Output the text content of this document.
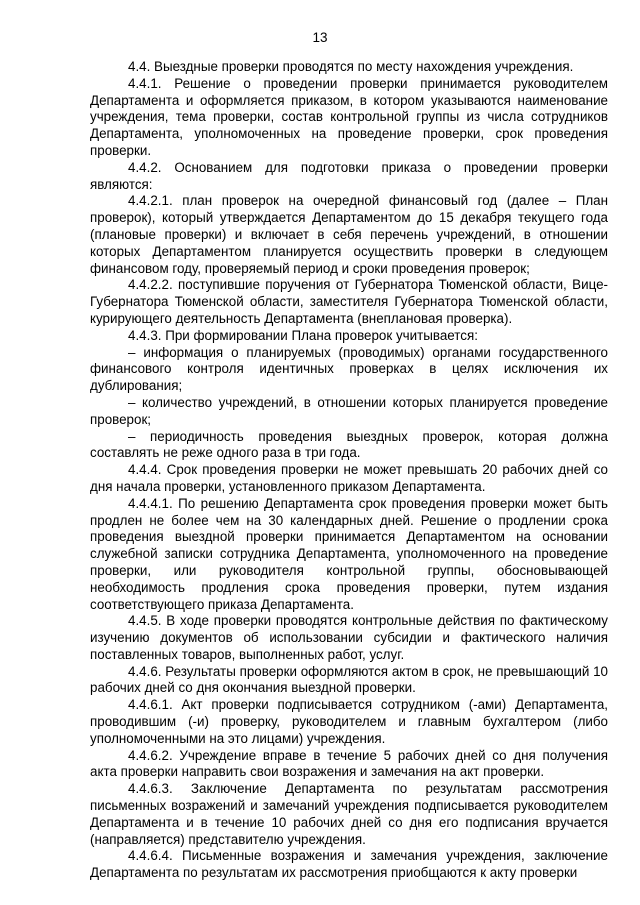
13

4.4. Выездные проверки проводятся по месту нахождения учреждения.

4.4.1. Решение о проведении проверки принимается руководителем Департамента и оформляется приказом, в котором указываются наименование учреждения, тема проверки, состав контрольной группы из числа сотрудников Департамента, уполномоченных на проведение проверки, срок проведения проверки.

4.4.2. Основанием для подготовки приказа о проведении проверки являются:

4.4.2.1. план проверок на очередной финансовый год (далее – План проверок), который утверждается Департаментом до 15 декабря текущего года (плановые проверки) и включает в себя перечень учреждений, в отношении которых Департаментом планируется осуществить проверки в следующем финансовом году, проверяемый период и сроки проведения проверок;

4.4.2.2. поступившие поручения от Губернатора Тюменской области, Вице-Губернатора Тюменской области, заместителя Губернатора Тюменской области, курирующего деятельность Департамента (внеплановая проверка).

4.4.3. При формировании Плана проверок учитывается:

– информация о планируемых (проводимых) органами государственного финансового контроля идентичных проверках в целях исключения их дублирования;

– количество учреждений, в отношении которых планируется проведение проверок;

– периодичность проведения выездных проверок, которая должна составлять не реже одного раза в три года.

4.4.4. Срок проведения проверки не может превышать 20 рабочих дней со дня начала проверки, установленного приказом Департамента.

4.4.4.1. По решению Департамента срок проведения проверки может быть продлен не более чем на 30 календарных дней. Решение о продлении срока проведения выездной проверки принимается Департаментом на основании служебной записки сотрудника Департамента, уполномоченного на проведение проверки, или руководителя контрольной группы, обосновывающей необходимость продления срока проведения проверки, путем издания соответствующего приказа Департамента.

4.4.5. В ходе проверки проводятся контрольные действия по фактическому изучению документов об использовании субсидии и фактического наличия поставленных товаров, выполненных работ, услуг.

4.4.6. Результаты проверки оформляются актом в срок, не превышающий 10 рабочих дней со дня окончания выездной проверки.

4.4.6.1. Акт проверки подписывается сотрудником (-ами) Департамента, проводившим (-и) проверку, руководителем и главным бухгалтером (либо уполномоченными на это лицами) учреждения.

4.4.6.2. Учреждение вправе в течение 5 рабочих дней со дня получения акта проверки направить свои возражения и замечания на акт проверки.

4.4.6.3. Заключение Департамента по результатам рассмотрения письменных возражений и замечаний учреждения подписывается руководителем Департамента и в течение 10 рабочих дней со дня его подписания вручается (направляется) представителю учреждения.

4.4.6.4. Письменные возражения и замечания учреждения, заключение Департамента по результатам их рассмотрения приобщаются к акту проверки
